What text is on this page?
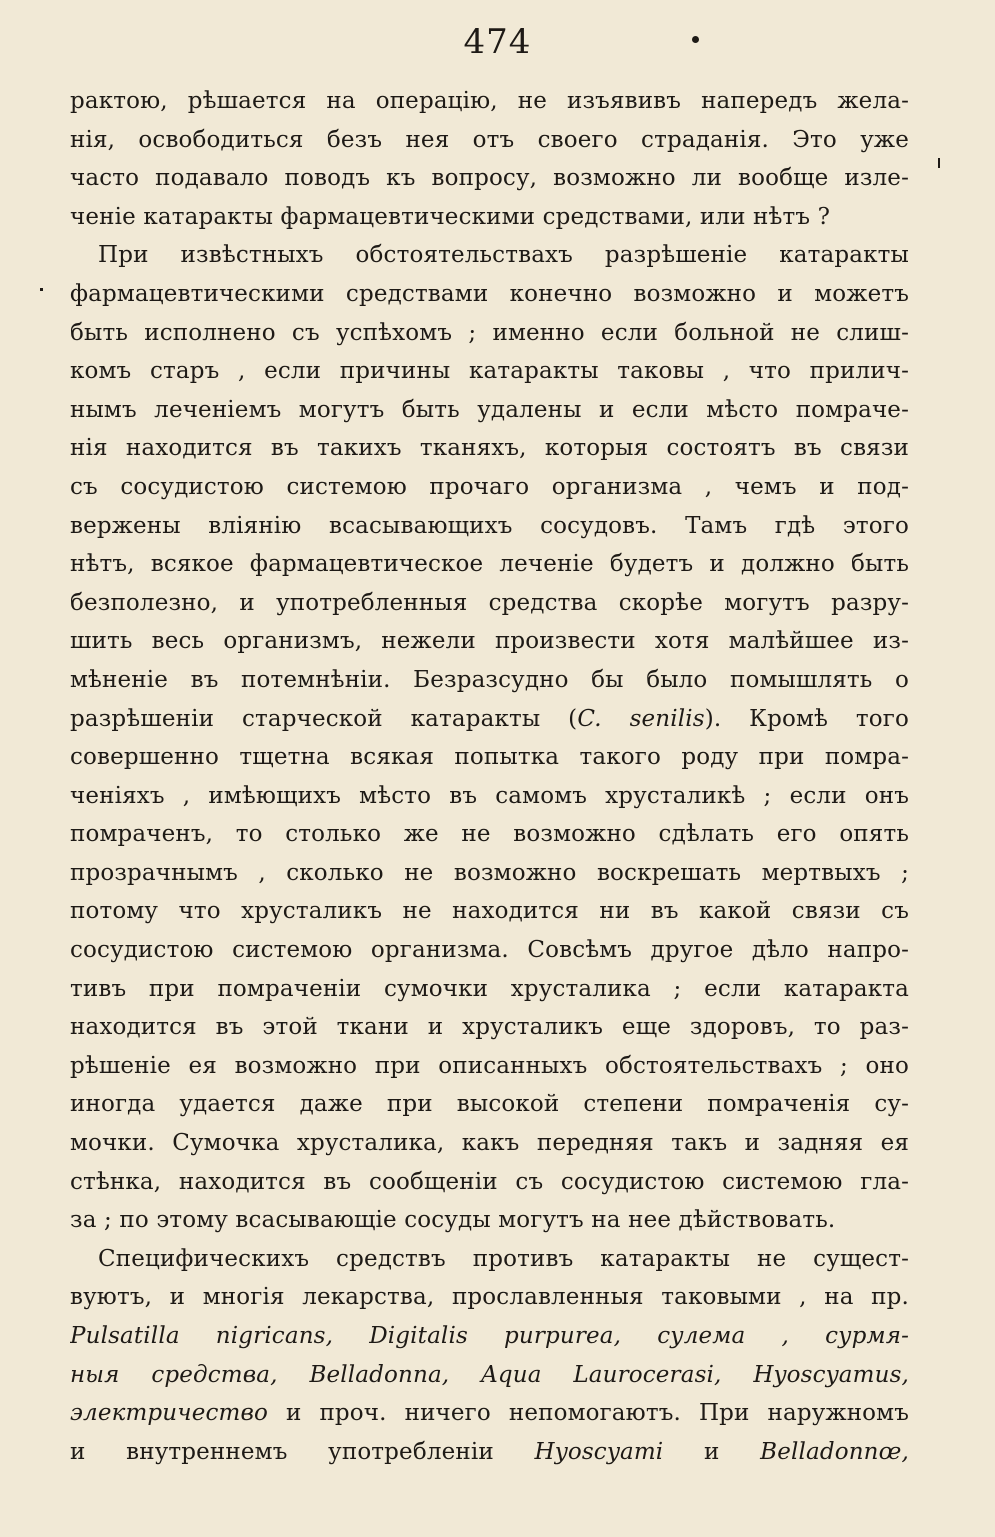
474
рактою, рѣшается на операцію, не изъявивъ напередъ жела-
нія, освободиться безъ нея отъ своего страданія. Это уже
часто подавало поводъ къ вопросу, возможно ли вообще изле-
ченіе катаракты фармацевтическими средствами, или нѣтъ ?
При извѣстныхъ обстоятельствахъ разрѣшеніе катаракты
фармацевтическими средствами конечно возможно и можетъ
быть исполнено съ успѣхомъ ; именно если больной не слиш-
комъ старъ , если причины катаракты таковы , что прилич-
нымъ леченіемъ могутъ быть удалены и если мѣсто помраче-
нія находится въ такихъ тканяхъ, которыя состоятъ въ связи
съ сосудистою системою прочаго организма , чемъ и под-
вержены вліянію всасывающихъ сосудовъ. Тамъ гдѣ этого
нѣтъ, всякое фармацевтическое леченіе будетъ и должно быть
безполезно, и употребленныя средства скорѣе могутъ разру-
шить весь организмъ, нежели произвести хотя малѣйшее из-
мѣненіе въ потемнѣніи. Безразсудно бы было помышлять о
разрѣшеніи старческой катаракты (C. senilis). Кромѣ того
совершенно тщетна всякая попытка такого роду при помра-
ченіяхъ , имѣющихъ мѣсто въ самомъ хрусталикѣ ; если онъ
помраченъ, то столько же не возможно сдѣлать его опять
прозрачнымъ , сколько не возможно воскрешать мертвыхъ ;
потому что хрусталикъ не находится ни въ какой связи съ
сосудистою системою организма. Совсѣмъ другое дѣло напро-
тивъ при помраченіи сумочки хрусталика ; если катаракта
находится въ этой ткани и хрусталикъ еще здоровъ, то раз-
рѣшеніе ея возможно при описанныхъ обстоятельствахъ ; оно
иногда удается даже при высокой степени помраченія су-
мочки. Сумочка хрусталика, какъ передняя такъ и задняя ея
стѣнка, находится въ сообщеніи съ сосудистою системою гла-
за ; по этому всасывающіе сосуды могутъ на нее дѣйствовать.
Специфическихъ средствъ противъ катаракты не сущест-
вуютъ, и многія лекарства, прославленныя таковыми , на пр.
Pulsatilla nigricans, Digitalis purpurea, сулема , сурмя-
ныя средства, Belladonna, Aqua Laurocerasi, Hyoscyamus,
электричество и проч. ничего непомогаютъ. При наружномъ
и внутреннемъ употребленіи Hyoscyami и Belladonnœ,
